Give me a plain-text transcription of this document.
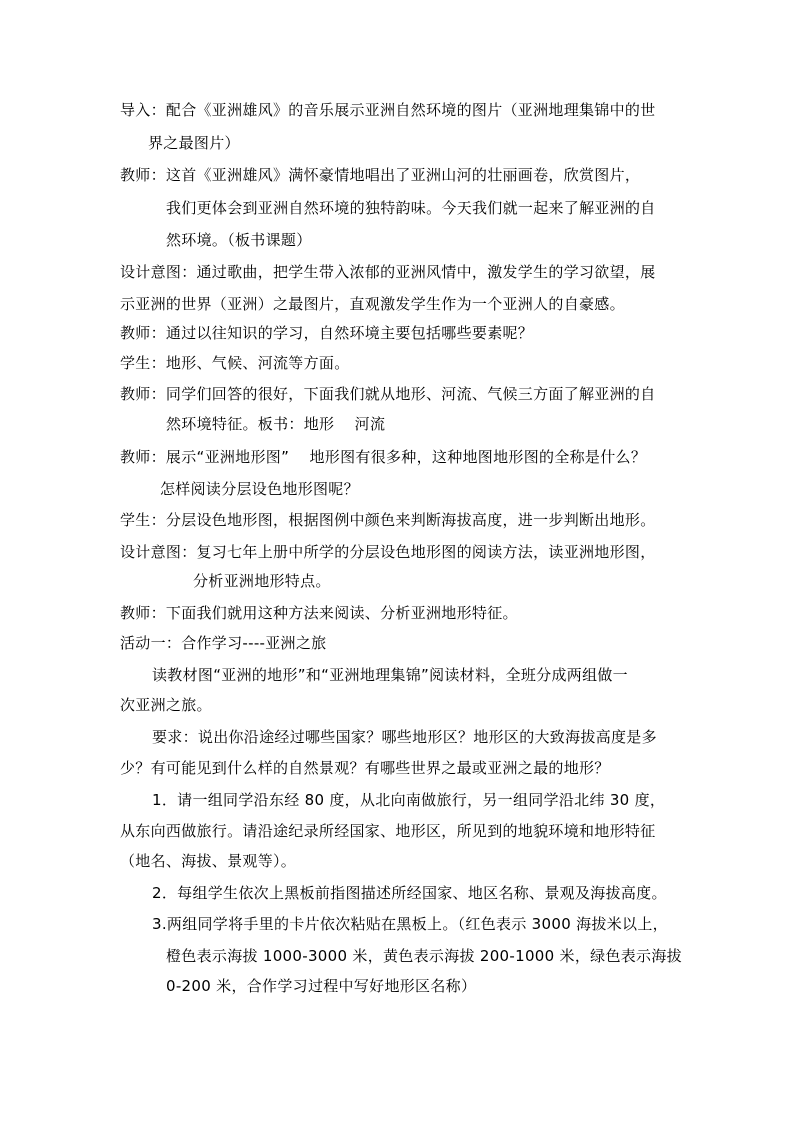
导入：配合《亚洲雄风》的音乐展示亚洲自然环境的图片（亚洲地理集锦中的世
界之最图片）
教师：这首《亚洲雄风》满怀豪情地唱出了亚洲山河的壮丽画卷，欣赏图片，
我们更体会到亚洲自然环境的独特韵味。今天我们就一起来了解亚洲的自
然环境。（板书课题）
设计意图：通过歌曲，把学生带入浓郁的亚洲风情中，激发学生的学习欲望，展
示亚洲的世界（亚洲）之最图片，直观激发学生作为一个亚洲人的自豪感。
教师：通过以往知识的学习，自然环境主要包括哪些要素呢？
学生：地形、气候、河流等方面。
教师：同学们回答的很好，下面我们就从地形、河流、气候三方面了解亚洲的自
然环境特征。板书：地形　 河流
教师：展示“亚洲地形图”　 地形图有很多种，这种地图地形图的全称是什么？
怎样阅读分层设色地形图呢？
学生：分层设色地形图，根据图例中颜色来判断海拔高度，进一步判断出地形。
设计意图：复习七年上册中所学的分层设色地形图的阅读方法，读亚洲地形图，
分析亚洲地形特点。
教师：下面我们就用这种方法来阅读、分析亚洲地形特征。
活动一：合作学习----亚洲之旅
读教材图“亚洲的地形”和“亚洲地理集锦”阅读材料，全班分成两组做一
次亚洲之旅。
要求：说出你沿途经过哪些国家？哪些地形区？地形区的大致海拔高度是多
少？有可能见到什么样的自然景观？有哪些世界之最或亚洲之最的地形？
1．请一组同学沿东经 80 度，从北向南做旅行，另一组同学沿北纬 30 度，
从东向西做旅行。请沿途纪录所经国家、地形区，所见到的地貌环境和地形特征
（地名、海拔、景观等）。
2．每组学生依次上黑板前指图描述所经国家、地区名称、景观及海拔高度。
3.两组同学将手里的卡片依次粘贴在黑板上。（红色表示 3000 海拔米以上，
橙色表示海拔 1000-3000 米，黄色表示海拔 200-1000 米，绿色表示海拔
0-200 米，合作学习过程中写好地形区名称）
